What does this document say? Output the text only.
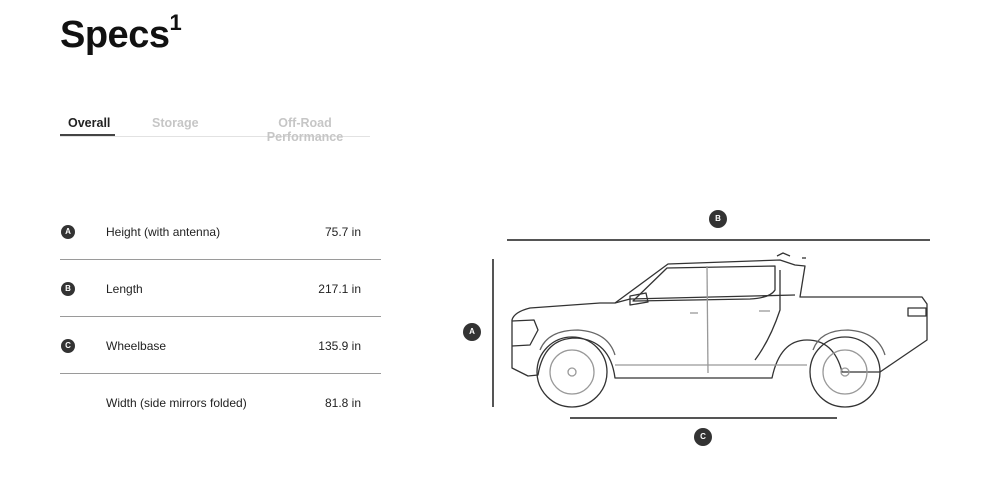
Specs$^1$
Overall	Storage	Off-Road Performance
A	Height (with antenna)	75.7 in
B	Length	217.1 in
C	Wheelbase	135.9 in
Width (side mirrors folded)	81.8 in
B
A
C
